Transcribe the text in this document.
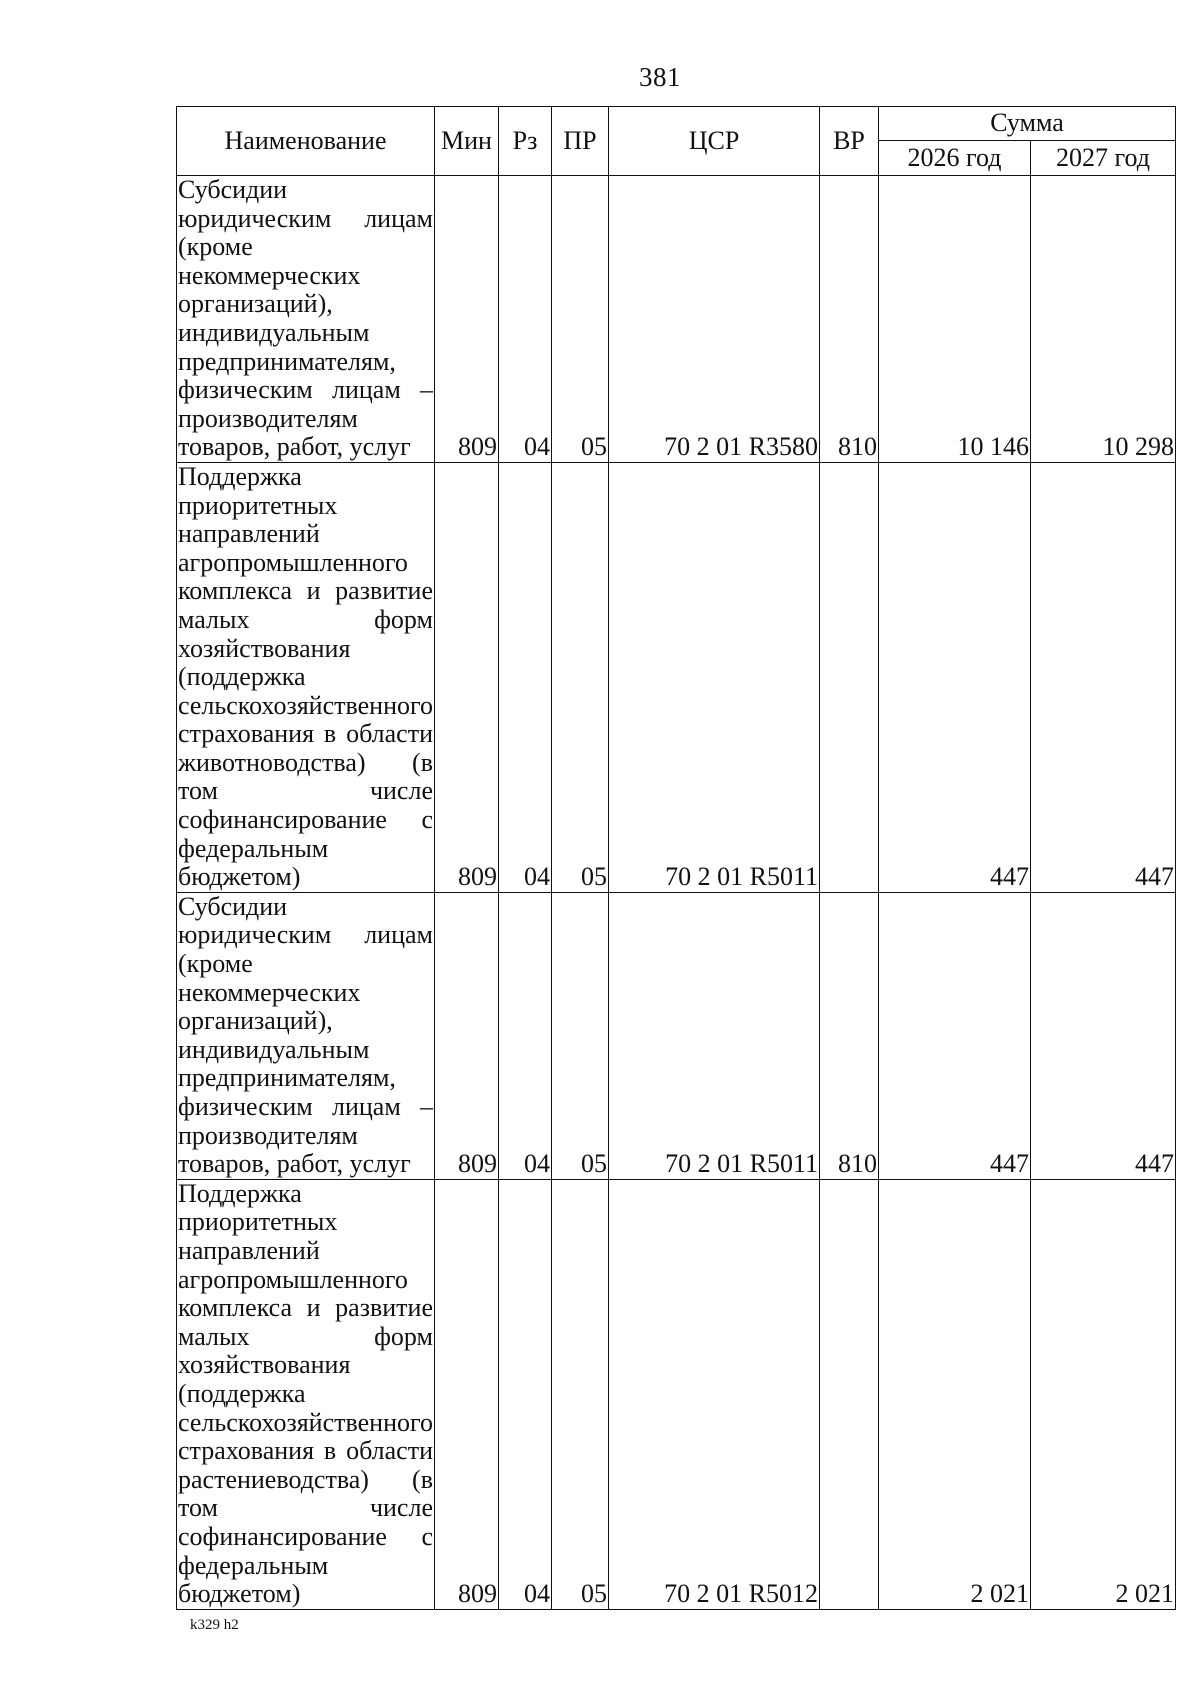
381
Наименование	Мин	Рз	ПР	ЦСР	ВР	Сумма	
						2026 год	2027 год
Субсидии юридическим лицам (кроме некоммерческих организаций), индивидуальным предпринимателям, физическим лицам – производителям товаров, работ, услуг	809	04	05	70 2 01 R3580	810	10 146	10 298
Поддержка приоритетных направлений агропромышленного комплекса и развитие малых форм хозяйствования (поддержка сельскохозяйственного страхования в области животноводства) (в том числе софинансирование с федеральным бюджетом)	809	04	05	70 2 01 R5011		447	447
Субсидии юридическим лицам (кроме некоммерческих организаций), индивидуальным предпринимателям, физическим лицам – производителям товаров, работ, услуг	809	04	05	70 2 01 R5011	810	447	447
Поддержка приоритетных направлений агропромышленного комплекса и развитие малых форм хозяйствования (поддержка сельскохозяйственного страхования в области растениеводства) (в том числе софинансирование с федеральным бюджетом)	809	04	05	70 2 01 R5012		2 021	2 021
k329 h2
